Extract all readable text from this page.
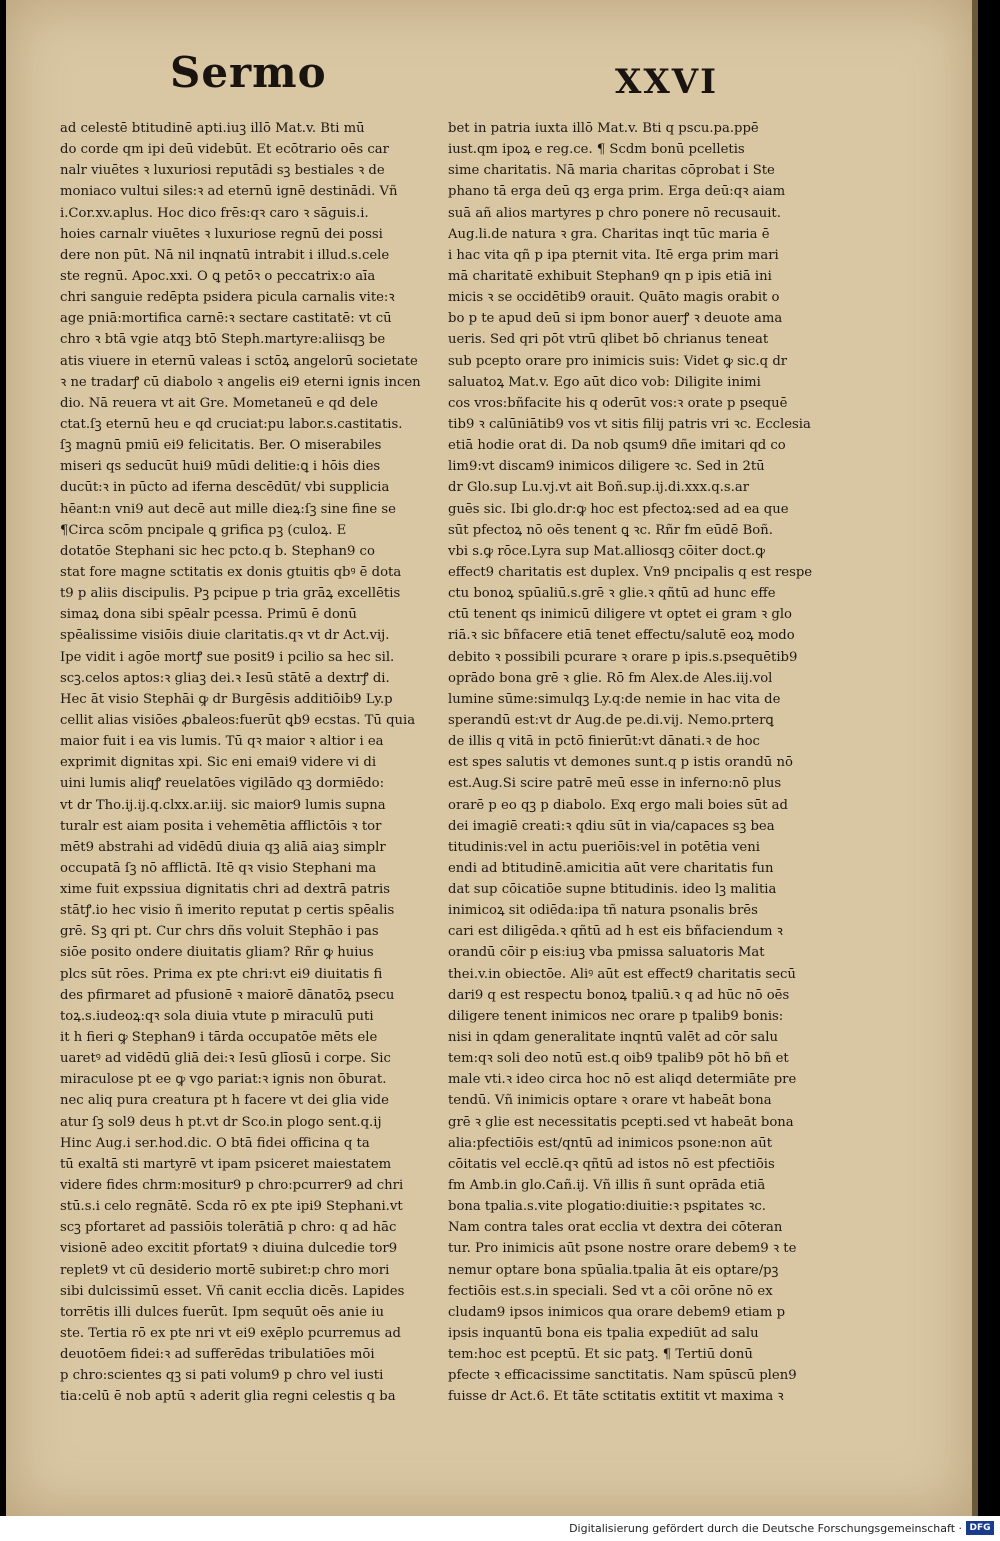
Sermo	XXVI
ad celestē btitudinē apti.iuꝫ illō Mat.v. Bti mū
do corde qm ipi deū videbūt. Et ecōtrario oēs car
nalr viuētes ꝛ luxuriosi reputādi sꝫ bestiales ꝛ de
moniaco vultui siles:ꝛ ad eternū ignē destinādi. Vñ
i.Cor.xv.aplus. Hoc dico frēs:qꝛ caro ꝛ sāguis.i.
hoies carnalr viuētes ꝛ luxuriose regnū dei possi
dere non pūt. Nā nil inqnatū intrabit i illud.s.cele
ste regnū. Apoc.xxi. O ꝗ petōꝛ o peccatrix:o aīa
chri sanguie redēpta psidera picula carnalis vite:ꝛ
age pniā:mortifica carnē:ꝛ sectare castitatē: vt cū
chro ꝛ btā vgie atqꝫ btō Steph.martyre:aliisqꝫ be
atis viuere in eternū valeas i sctōꝝ angelorū societate
ꝛ ne tradarꝭ cū diabolo ꝛ angelis ei9 eterni ignis incen
dio. Nā reuera vt ait Gre. Mometaneū e qd dele
ctat.ſꝫ eternū heu e qd cruciat:pu labor.s.castitatis.
ſꝫ magnū pmiū ei9 felicitatis. Ber. O miserabiles
miseri qs seducūt hui9 mūdi delitie:ꝗ i hōis dies
ducūt:ꝛ in pūcto ad iferna descēdūt/ vbi supplicia
hēant:n vni9 aut decē aut mille dieꝝ:ſꝫ sine fine se
¶Circa scōm pncipale ꝗ grifica pꝫ (culoꝝ. E
dotatōe Stephani sic hec pcto.q b. Stephan9 co
stat fore magne sctitatis ex donis gtuitis qbꝰ ē dota
t9 p aliis discipulis. Pꝫ pcipue p tria grāꝝ excellētis
simaꝝ dona sibi spēalr pcessa. Primū ē donū
spēalissime visiōis diuie claritatis.qꝛ vt dr Act.vij.
Ipe vidit i agōe mortꝭ sue posit9 i pcilio sa hec sil.
scꝫ.celos aptos:ꝛ gliaꝫ dei.ꝛ Iesū stātē a dextrꝭ di.
Hec āt visio Stephāi ꝙ dr Burgēsis additiōib9 Ly.p
cellit alias visiōes ꝓbaleos:fuerūt ꝗb9 ecstas. Tū quia
maior fuit i ea vis lumis. Tū qꝛ maior ꝛ altior i ea
exprimit dignitas xpi. Sic eni emai9 videre vi di
uini lumis aliqꝭ reuelatōes vigilādo qꝫ dormiēdo:
vt dr Tho.ij.ij.q.clxx.ar.iij. sic maior9 lumis supna
turalr est aiam posita i vehemētia afflictōis ꝛ tor
mēt9 abstrahi ad vidēdū diuia qꝫ aliā aiaꝫ simplr
occupatā ſꝫ nō afflictā. Itē qꝛ visio Stephani ma
xime fuit expssiua dignitatis chri ad dextrā patris
stātꝭ.io hec visio ñ imerito reputat p certis spēalis
grē. Sꝫ qri pt. Cur chrs dñs voluit Stephāo i pas
siōe posito ondere diuitatis gliam? Rñr ꝙ huius
plcs sūt rōes. Prima ex pte chri:vt ei9 diuitatis fi
des pfirmaret ad pfusionē ꝛ maiorē dānatōꝝ psecu
toꝝ.s.iudeoꝝ:qꝛ sola diuia vtute p miraculū puti
it h fieri ꝙ Stephan9 i tārda occupatōe mēts ele
uaretꝰ ad vidēdū gliā dei:ꝛ Iesū glīosū i corpe. Sic
miraculose pt ee ꝙ vgo pariat:ꝛ ignis non ōburat.
nec aliq pura creatura pt h facere vt dei glia vide
atur ſꝫ sol9 deus h pt.vt dr Sco.in plogo sent.q.ij
Hinc Aug.i ser.hod.dic. O btā fidei officina q ta
tū exaltā sti martyrē vt ipam psiceret maiestatem
videre fides chrm:mositur9 p chro:pcurrer9 ad chri
stū.s.i celo regnātē. Scda rō ex pte ipi9 Stephani.vt
scꝫ pfortaret ad passiōis tolerātiā p chro: q ad hāc
visionē adeo excitit pfortat9 ꝛ diuina dulcedie tor9
replet9 vt cū desiderio mortē subiret:p chro mori
sibi dulcissimū esset. Vñ canit ecclia dicēs. Lapides
torrētis illi dulces fuerūt. Ipm sequūt oēs anie iu
ste. Tertia rō ex pte nri vt ei9 exēplo pcurremus ad
deuotōem fidei:ꝛ ad sufferēdas tribulatiōes mōi
p chro:scientes qꝫ si pati volum9 p chro vel iusti
tia:celū ē nob aptū ꝛ aderit glia regni celestis q ba
bet in patria iuxta illō Mat.v. Bti q pscu.pa.ppē
iust.qm ipoꝝ e reg.ce. ¶ Scdm bonū pcelletis
sime charitatis. Nā maria charitas cōprobat i Ste
phano tā erga deū qꝫ erga prim. Erga deū:qꝛ aiam
suā añ alios martyres p chro ponere nō recusauit.
Aug.li.de natura ꝛ gra. Charitas inqt tūc maria ē
i hac vita qñ p ipa pternit vita. Itē erga prim mari
mā charitatē exhibuit Stephan9 qn p ipis etiā ini
micis ꝛ se occidētib9 orauit. Quāto magis orabit o
bo p te apud deū si ipm bonor auerꝭ ꝛ deuote ama
ueris. Sed qri pōt vtrū qlibet bō chrianus teneat
sub pcepto orare pro inimicis suis: Videt ꝙ sic.q dr
saluatoꝝ Mat.v. Ego aūt dico vob: Diligite inimi
cos vros:bñfacite his q oderūt vos:ꝛ orate p psequē
tib9 ꝛ calūniātib9 vos vt sitis filij patris vri ꝛc. Ecclesia
etiā hodie orat di. Da nob qsum9 dñe imitari qd co
lim9:vt discam9 inimicos diligere ꝛc. Sed in 2tū
dr Glo.sup Lu.vj.vt ait Boñ.sup.ij.di.xxx.q.s.ar
guēs sic. Ibi glo.dr:ꝙ hoc est pfectoꝝ:sed ad ea que
sūt pfectoꝝ nō oēs tenent ꝗ ꝛc. Rñr fm eūdē Boñ.
vbi s.ꝙ rōce.Lyra sup Mat.alliosqꝫ cōiter doct.ꝙ
effect9 charitatis est duplex. Vn9 pncipalis q est respe
ctu bonoꝝ spūaliū.s.grē ꝛ glie.ꝛ qñtū ad hunc effe
ctū tenent qs inimicū diligere vt optet ei gram ꝛ glo
riā.ꝛ sic bñfacere etiā tenet effectu/salutē eoꝝ modo
debito ꝛ possibili pcurare ꝛ orare p ipis.s.psequētib9
oprādo bona grē ꝛ glie. Rō fm Alex.de Ales.iij.vol
lumine sūme:simulqꝫ Ly.q:de nemie in hac vita de
sperandū est:vt dr Aug.de pe.di.vij. Nemo.prterꝗ
de illis q vitā in pctō finierūt:vt dānati.ꝛ de hoc
est spes salutis vt demones sunt.q p istis orandū nō
est.Aug.Si scire patrē meū esse in inferno:nō plus
orarē p eo qꝫ p diabolo. Exq ergo mali boies sūt ad
dei imagiē creati:ꝛ qdiu sūt in via/capaces sꝫ bea
titudinis:vel in actu pueriōis:vel in potētia veni
endi ad btitudinē.amicitia aūt vere charitatis fun
dat sup cōicatiōe supne btitudinis. ideo lꝫ malitia
inimicoꝝ sit odiēda:ipa tñ natura psonalis brēs
cari est diligēda.ꝛ qñtū ad h est eis bñfaciendum ꝛ
orandū cōir p eis:iuꝫ vba pmissa saluatoris Mat
thei.v.in obiectōe. Aliꝰ aūt est effect9 charitatis secū
dari9 q est respectu bonoꝝ tpaliū.ꝛ q ad hūc nō oēs
diligere tenent inimicos nec orare p tpalib9 bonis:
nisi in qdam generalitate inqntū valēt ad cōr salu
tem:qꝛ soli deo notū est.q oib9 tpalib9 pōt hō bñ et
male vti.ꝛ ideo circa hoc nō est aliqd determiāte pre
tendū. Vñ inimicis optare ꝛ orare vt habeāt bona
grē ꝛ glie est necessitatis pcepti.sed vt habeāt bona
alia:pfectiōis est/qntū ad inimicos psone:non aūt
cōitatis vel ecclē.qꝛ qñtū ad istos nō est pfectiōis
fm Amb.in glo.Cañ.ij. Vñ illis ñ sunt oprāda etiā
bona tpalia.s.vite plogatio:diuitie:ꝛ psꝑitates ꝛc.
Nam contra tales orat ecclia vt dextra dei cōteran
tur. Pro inimicis aūt psone nostre orare debem9 ꝛ te
nemur optare bona spūalia.tpalia āt eis optare/pꝫ
fectiōis est.s.in speciali. Sed vt a cōi orōne nō ex
cludam9 ipsos inimicos qua orare debem9 etiam p
ipsis inquantū bona eis tpalia expediūt ad salu
tem:hoc est pceptū. Et sic patꝫ. ¶ Tertiū donū
pfecte ꝛ efficacissime sanctitatis. Nam spūscū plen9
fuisse dr Act.6. Et tāte sctitatis extitit vt maxima ꝛ
Digitalisierung gefördert durch die Deutsche Forschungsgemeinschaft · DFG
